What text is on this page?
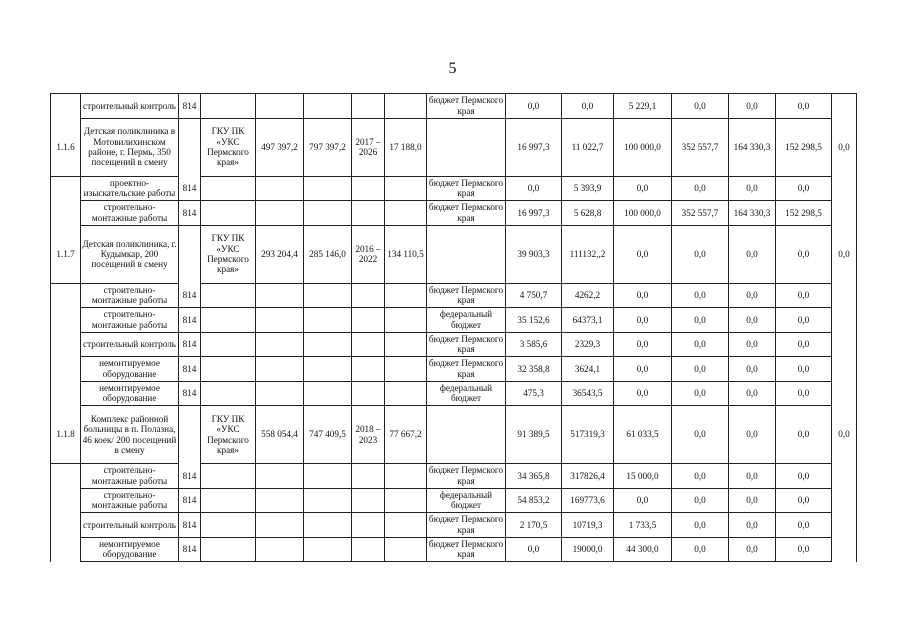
5
	строительный контроль	814						бюджет Пермского края	0,0	0,0	5 229,1	0,0	0,0	0,0	
1.1.6	Детская поликлиника в Мотовилихинском районе, г. Пермь, 350 посещений в смену		ГКУ ПК «УКС Пермского края»	497 397,2	797 397,2	2017 – 2026	17 188,0		16 997,3	11 022,7	100 000,0	352 557,7	164 330,3	152 298,5	0,0
	проектно-изыскательские работы	814						бюджет Пермского края	0,0	5 393,9	0,0	0,0	0,0	0,0	
	строительно-монтажные работы	814						бюджет Пермского края	16 997,3	5 628,8	100 000,0	352 557,7	164 330,3	152 298,5	
1.1.7	Детская поликлиника, г. Кудымкар, 200 посещений в смену		ГКУ ПК «УКС Пермского края»	293 204,4	285 146,0	2016 – 2022	134 110,5		39 903,3	111132,,2	0,0	0,0	0,0	0,0	0,0
	строительно-монтажные работы	814						бюджет Пермского края	4 750,7	4262,2	0,0	0,0	0,0	0,0	
	строительно-монтажные работы	814						федеральный бюджет	35 152,6	64373,1	0,0	0,0	0,0	0,0	
	строительный контроль	814						бюджет Пермского края	3 585,6	2329,3	0,0	0,0	0,0	0,0	
	немонтируемое оборудование	814						бюджет Пермского края	32 358,8	3624,1	0,0	0,0	0,0	0,0	
	немонтируемое оборудование	814						федеральный бюджет	475,3	36543,5	0,0	0,0	0,0	0,0	
1.1.8	Комплекс районной больницы в п. Полазна, 46 коек/ 200 посещений в смену		ГКУ ПК «УКС Пермского края»	558 054,4	747 409,5	2018 – 2023	77 667,2		91 389,5	517319,3	61 033,5	0,0	0,0	0,0	0,0
	строительно-монтажные работы	814						бюджет Пермского края	34 365,8	317826,4	15 000,0	0,0	0,0	0,0	
	строительно-монтажные работы	814						федеральный бюджет	54 853,2	169773,6	0,0	0,0	0,0	0,0	
	строительный контроль	814						бюджет Пермского края	2 170,5	10719,3	1 733,5	0,0	0,0	0,0	
	немонтируемое оборудование	814						бюджет Пермского края	0,0	19000,0	44 300,0	0,0	0,0	0,0	
